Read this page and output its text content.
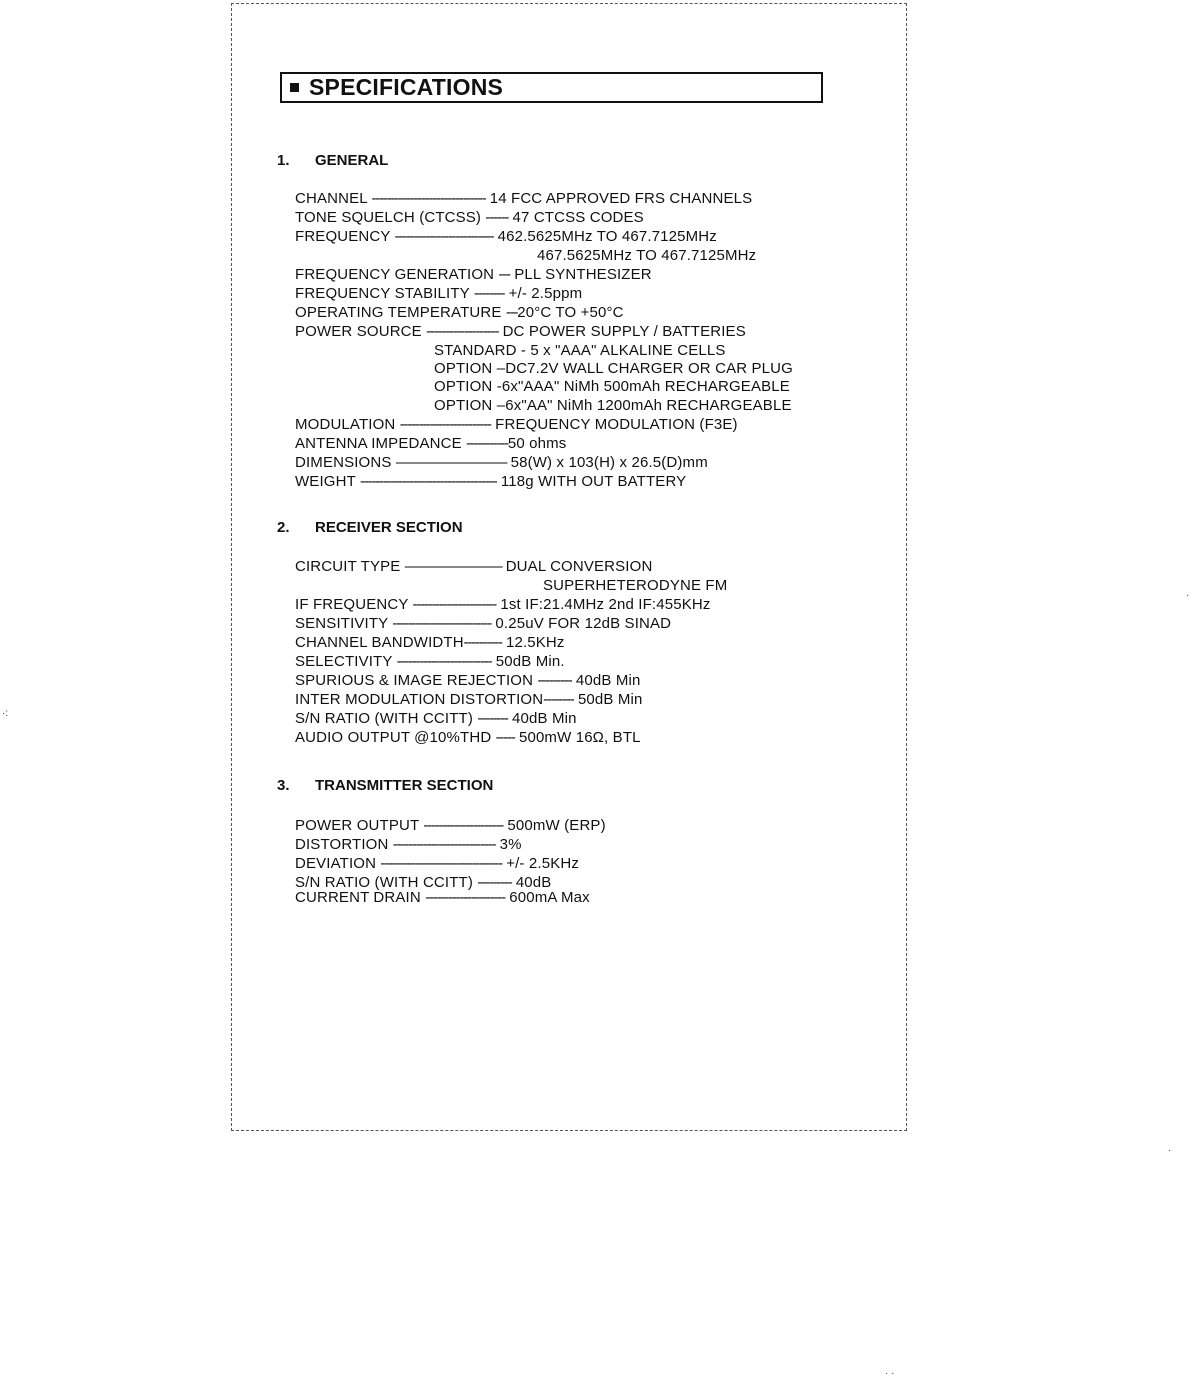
SPECIFICATIONS
1.	GENERAL
CHANNEL ------------------------------ 14 FCC APPROVED FRS CHANNELS
TONE SQUELCH (CTCSS) ------ 47 CTCSS CODES
FREQUENCY -------------------------- 462.5625MHz TO 467.7125MHz
467.5625MHz TO 467.7125MHz
FREQUENCY GENERATION --- PLL SYNTHESIZER
FREQUENCY STABILITY -------- +/- 2.5ppm
OPERATING TEMPERATURE ---20°C TO +50°C
POWER SOURCE ------------------- DC POWER SUPPLY / BATTERIES
STANDARD - 5 x "AAA" ALKALINE CELLS
OPTION –DC7.2V WALL CHARGER OR CAR PLUG
OPTION -6x"AAA" NiMh 500mAh RECHARGEABLE
OPTION –6x"AA" NiMh 1200mAh RECHARGEABLE
MODULATION ------------------------ FREQUENCY MODULATION (F3E)
ANTENNA IMPEDANCE -----------50 ohms
DIMENSIONS ———————— 58(W) x 103(H) x 26.5(D)mm
WEIGHT ------------------------------------ 118g WITH OUT BATTERY
2.	RECEIVER SECTION
CIRCUIT TYPE ——————— DUAL CONVERSION
SUPERHETERODYNE FM
IF FREQUENCY ---------------------- 1st IF:21.4MHz 2nd IF:455KHz
SENSITIVITY -------------------------- 0.25uV FOR 12dB SINAD
CHANNEL BANDWIDTH---------- 12.5KHz
SELECTIVITY ------------------------- 50dB Min.
SPURIOUS & IMAGE REJECTION --------- 40dB Min
INTER MODULATION DISTORTION-------- 50dB Min
S/N RATIO (WITH CCITT) -------- 40dB Min
AUDIO OUTPUT @10%THD ----- 500mW 16Ω, BTL
3.	TRANSMITTER SECTION
POWER OUTPUT --------------------- 500mW (ERP)
DISTORTION --------------------------- 3%
DEVIATION -------------------------------- +/- 2.5KHz
S/N RATIO (WITH CCITT) --------- 40dB
CURRENT DRAIN --------------------- 600mA Max
·:
·
·
· ·
